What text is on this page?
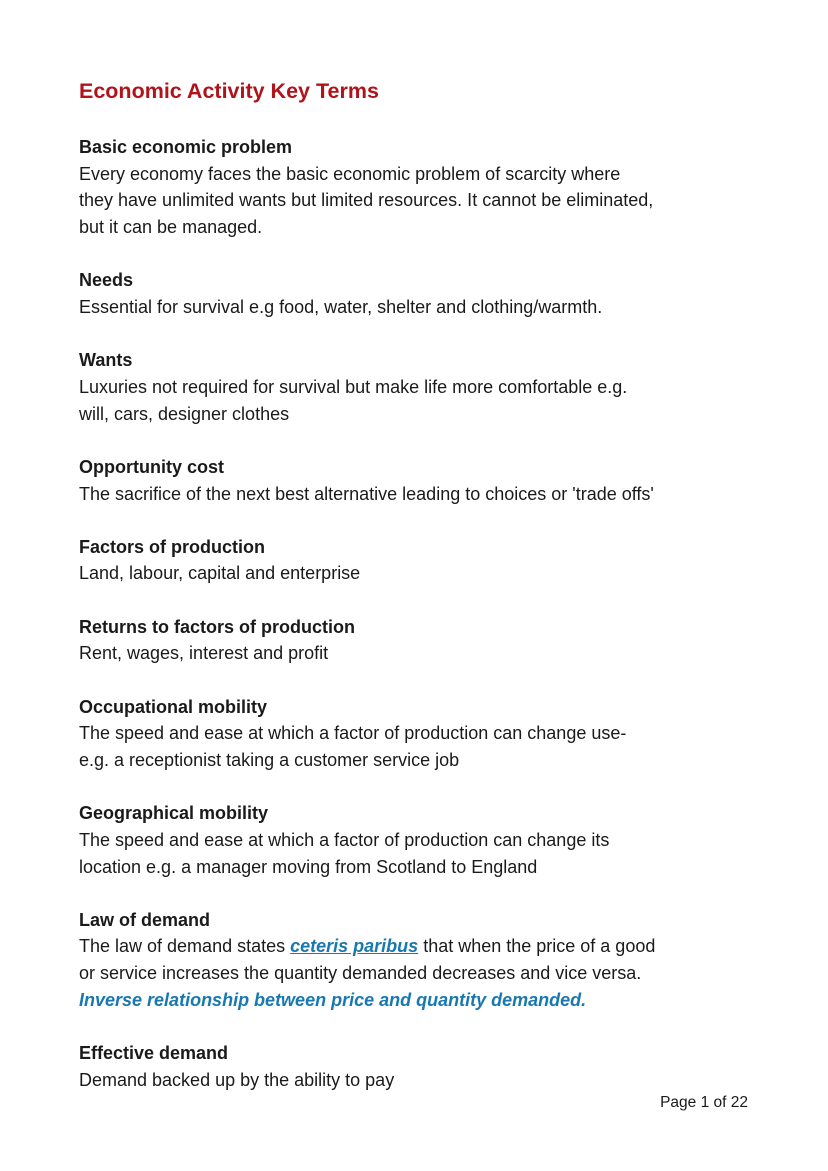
Economic Activity Key Terms
Basic economic problem
Every economy faces the basic economic problem of scarcity where
they have unlimited wants but limited resources. It cannot be eliminated,
but it can be managed.
Needs
Essential for survival e.g food, water, shelter and clothing/warmth.
Wants
Luxuries not required for survival but make life more comfortable e.g.
will, cars, designer clothes
Opportunity cost
The sacrifice of the next best alternative leading to choices or 'trade offs'
Factors of production
Land, labour, capital and enterprise
Returns to factors of production
Rent, wages, interest and profit
Occupational mobility
The speed and ease at which a factor of production can change use-
e.g. a receptionist taking a customer service job
Geographical mobility
The speed and ease at which a factor of production can change its
location e.g. a manager moving from Scotland to England
Law of demand
The law of demand states ceteris paribus that when the price of a good
or service increases the quantity demanded decreases and vice versa.
Inverse relationship between price and quantity demanded.
Effective demand
Demand backed up by the ability to pay
Page 1 of 22
